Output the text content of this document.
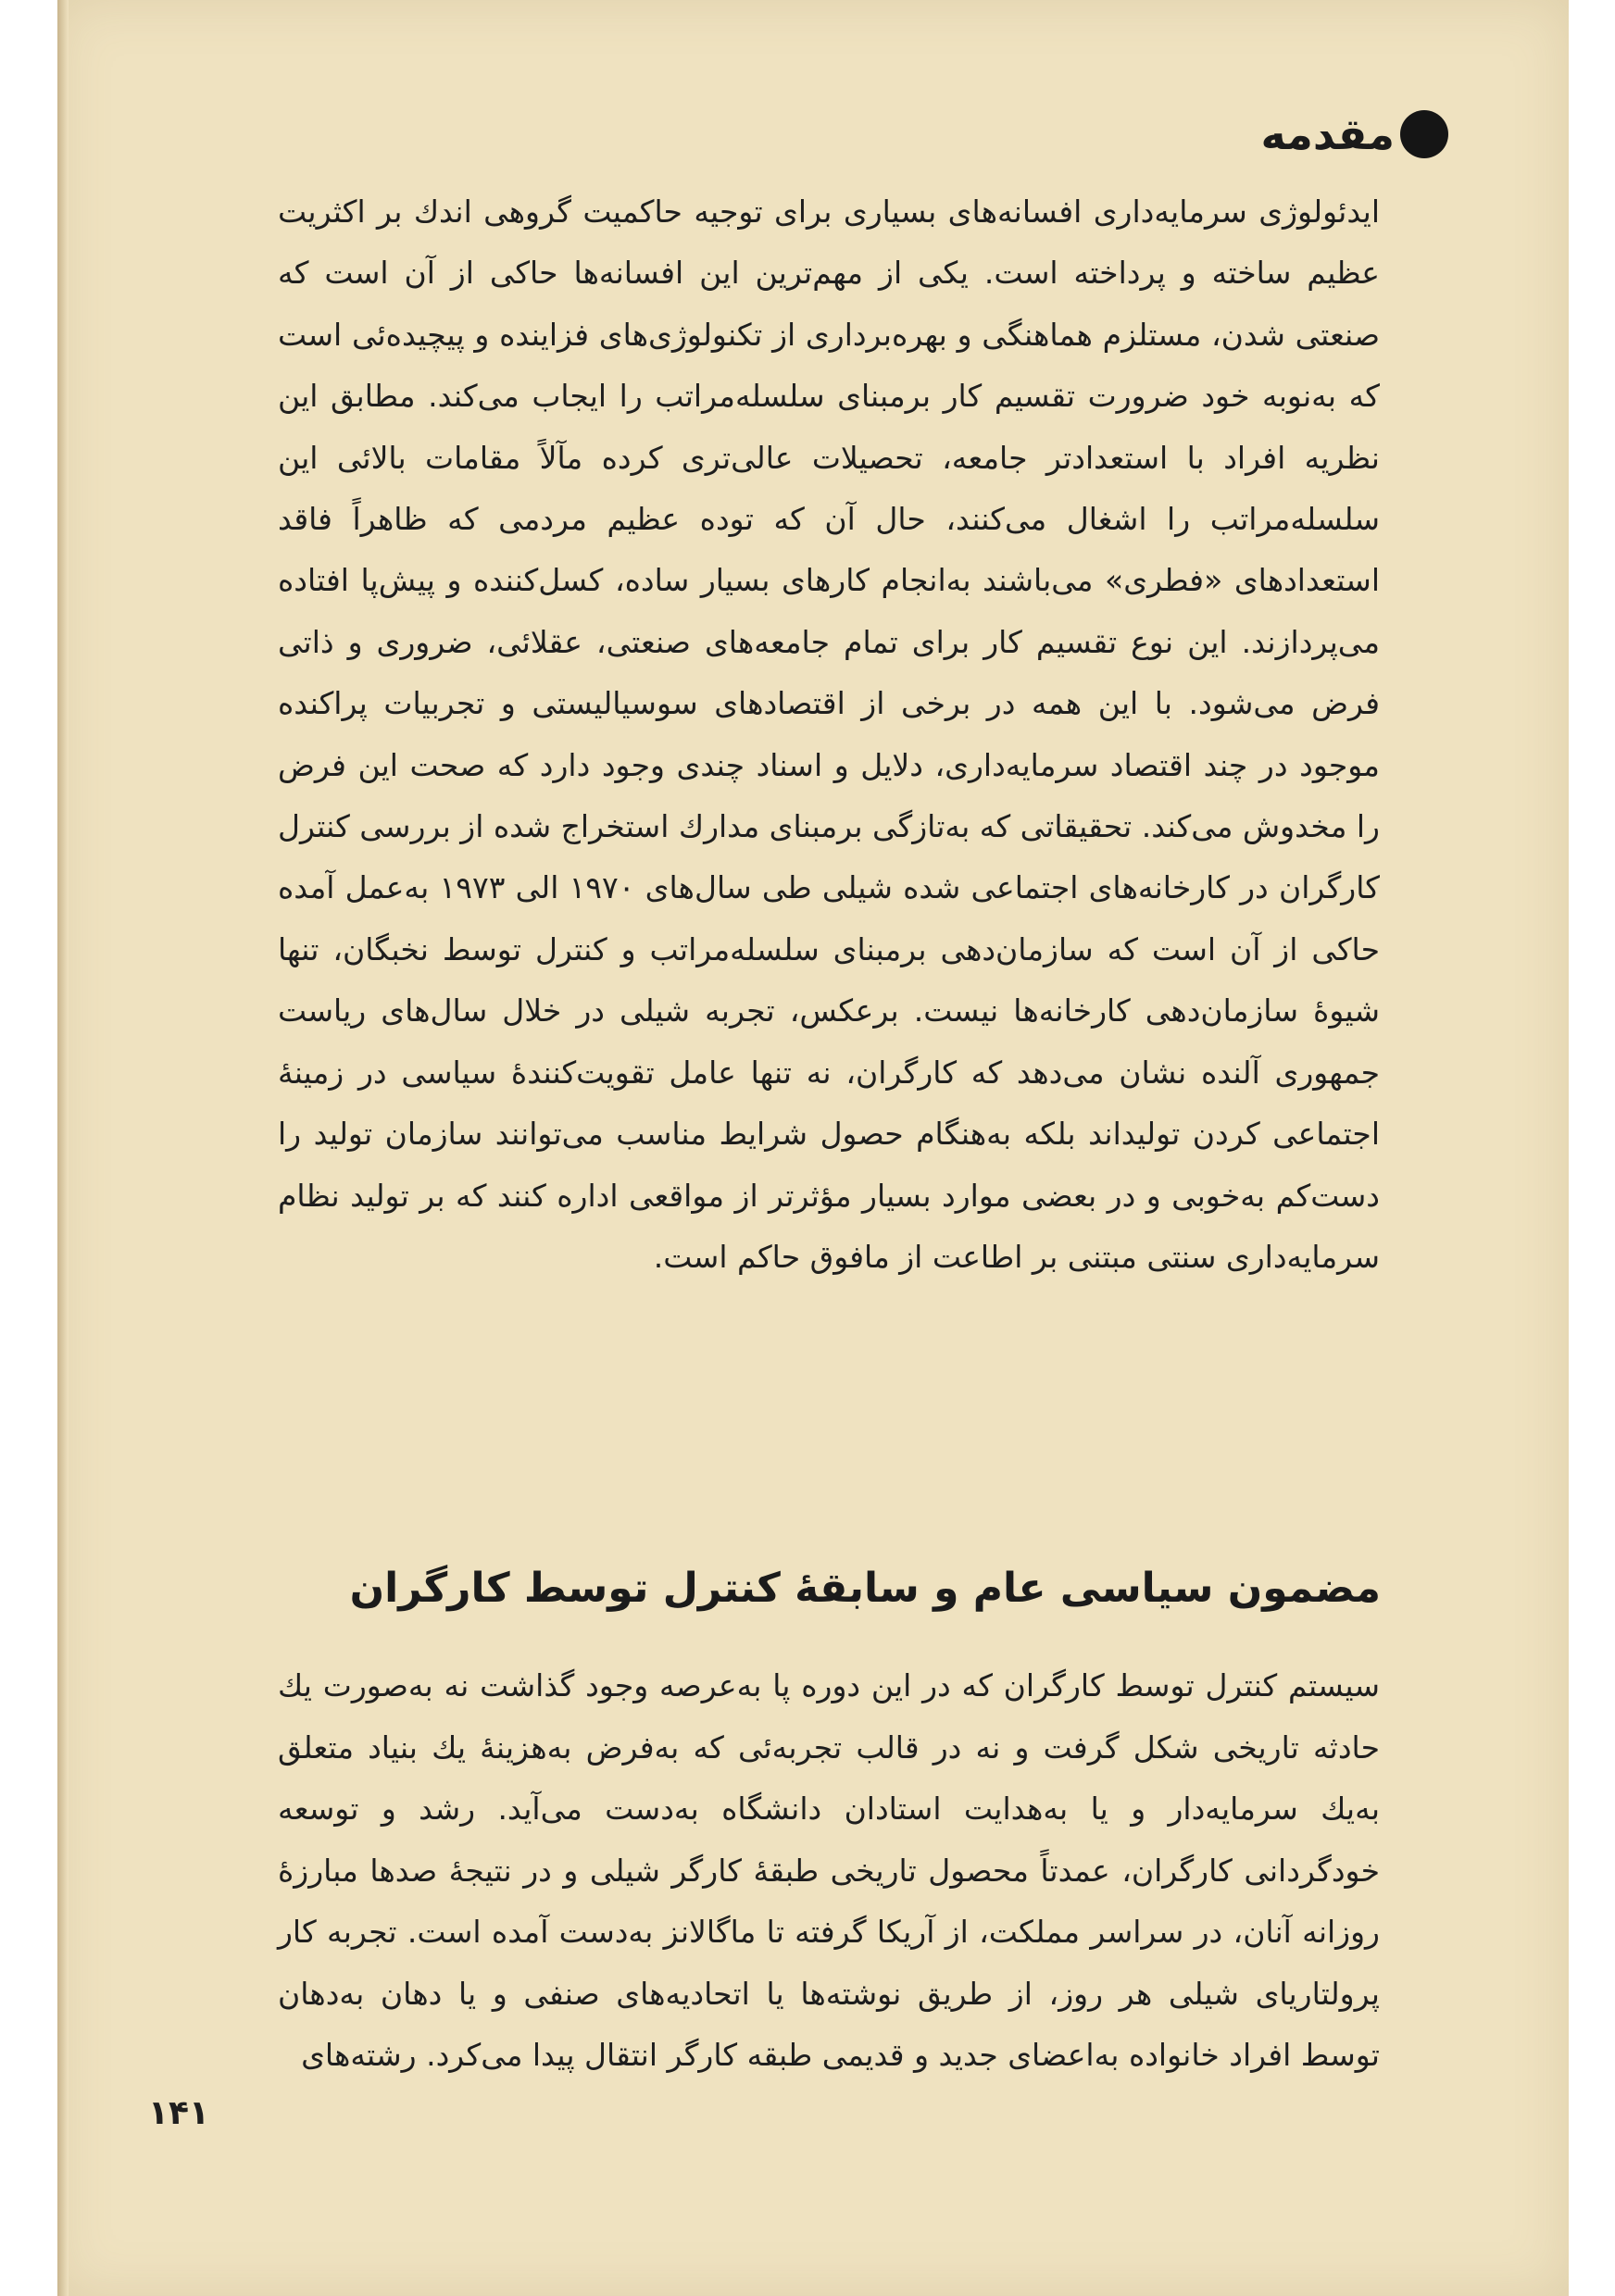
مقدمه

ایدئولوژی سرمایه‌داری افسانه‌های بسیاری برای توجیه حاکمیت گروهی اندك بر اکثریت عظیم ساخته و پرداخته است. یکی از مهم‌ترین این افسانه‌ها حاکی از آن است که صنعتی شدن، مستلزم هماهنگی و بهره‌برداری از تکنولوژی‌های فزاینده و پیچیده‌ئی است که به‌نوبه خود ضرورت تقسیم کار برمبنای سلسله‌مراتب را ایجاب می‌کند. مطابق این نظریه افراد با استعدادتر جامعه، تحصیلات عالی‌تری کرده مآلاً مقامات بالائی این سلسله‌مراتب را اشغال می‌کنند، حال آن که توده عظیم مردمی که ظاهراً فاقد استعدادهای «فطری» می‌باشند به‌انجام کارهای بسیار ساده، کسل‌کننده و پیش‌پا افتاده می‌پردازند. این نوع تقسیم کار برای تمام جامعه‌های صنعتی، عقلائی، ضروری و ذاتی فرض می‌شود. با این همه در برخی از اقتصادهای سوسیالیستی و تجربیات پراکنده موجود در چند اقتصاد سرمایه‌داری، دلایل و اسناد چندی وجود دارد که صحت این فرض را مخدوش می‌کند. تحقیقاتی که به‌تازگی برمبنای مدارك استخراج شده از بررسی کنترل کارگران در کارخانه‌های اجتماعی شده شیلی طی سال‌های ۱۹۷۰ الی ۱۹۷۳ به‌عمل آمده حاکی از آن است که سازمان‌دهی برمبنای سلسله‌مراتب و کنترل توسط نخبگان، تنها شیوهٔ سازمان‌دهی کارخانه‌ها نیست. برعکس، تجربه شیلی در خلال سال‌های ریاست جمهوری آلنده نشان می‌دهد که کارگران، نه تنها عامل تقویت‌کنندهٔ سیاسی در زمینهٔ اجتماعی کردن تولیداند بلکه به‌هنگام حصول شرایط مناسب می‌توانند سازمان تولید را دست‌کم به‌خوبی و در بعضی موارد بسیار مؤثرتر از مواقعی اداره کنند که بر تولید نظام سرمایه‌داری سنتی مبتنی بر اطاعت از مافوق حاکم است.

مضمون سیاسی عام و سابقهٔ کنترل توسط کارگران

سیستم کنترل توسط کارگران که در این دوره پا به‌عرصه وجود گذاشت نه به‌صورت یك حادثه تاریخی شکل گرفت و نه در قالب تجربه‌ئی که به‌فرض به‌هزینهٔ یك بنیاد متعلق به‌یك سرمایه‌دار و یا به‌هدایت استادان دانشگاه به‌دست می‌آید. رشد و توسعه خودگردانی کارگران، عمدتاً محصول تاریخی طبقهٔ کارگر شیلی و در نتیجهٔ صدها مبارزهٔ روزانه آنان، در سراسر مملکت، از آریکا گرفته تا ماگالانز به‌دست آمده است. تجربه کار پرولتاریای شیلی هر روز، از طریق نوشته‌ها یا اتحادیه‌های صنفی و یا دهان به‌دهان توسط افراد خانواده به‌اعضای جدید و قدیمی طبقه کارگر انتقال پیدا می‌کرد. رشته‌های

۱۴۱
